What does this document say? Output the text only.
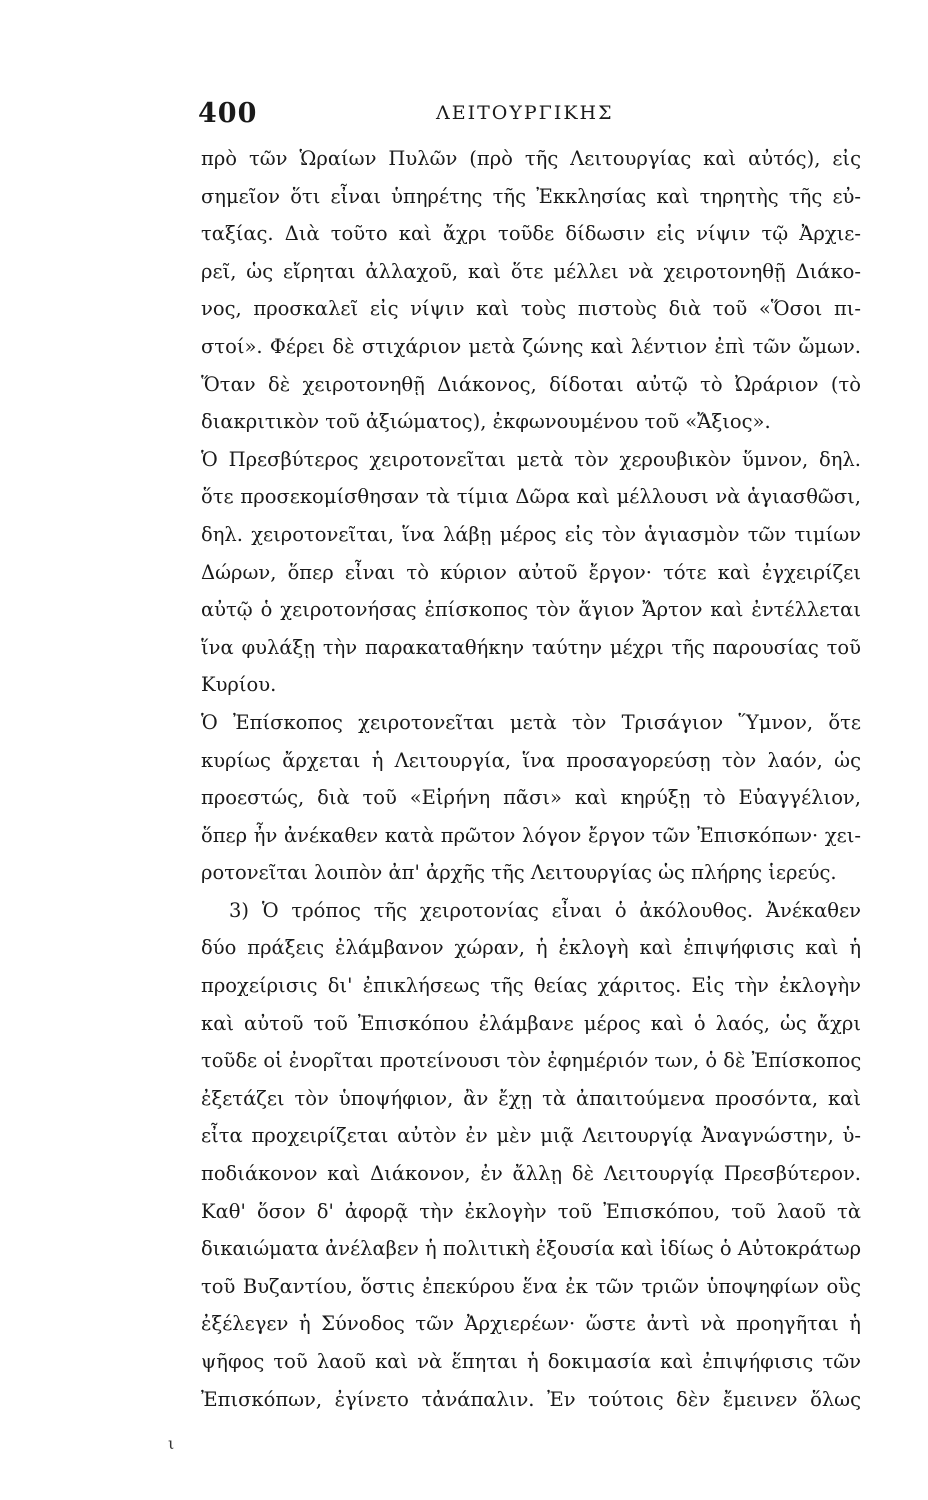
400	ΛΕΙΤΟΥΡΓΙΚΗΣ
πρὸ τῶν Ὡραίων Πυλῶν (πρὸ τῆς Λειτουργίας καὶ αὐτός), εἰς
σημεῖον ὅτι εἶναι ὑπηρέτης τῆς Ἐκκλησίας καὶ τηρητὴς τῆς εὐ-
ταξίας. Διὰ τοῦτο καὶ ἄχρι τοῦδε δίδωσιν εἰς νίψιν τῷ Ἀρχιε-
ρεῖ, ὡς εἴρηται ἀλλαχοῦ, καὶ ὅτε μέλλει νὰ χειροτονηθῇ Διάκο-
νος, προσκαλεῖ εἰς νίψιν καὶ τοὺς πιστοὺς διὰ τοῦ «Ὅσοι πι-
στοί». Φέρει δὲ στιχάριον μετὰ ζώνης καὶ λέντιον ἐπὶ τῶν ὤμων.
Ὅταν δὲ χειροτονηθῇ Διάκονος, δίδοται αὐτῷ τὸ Ὠράριον (τὸ
διακριτικὸν τοῦ ἀξιώματος), ἐκφωνουμένου τοῦ «Ἄξιος».
Ὁ Πρεσβύτερος χειροτονεῖται μετὰ τὸν χερουβικὸν ὕμνον, δηλ.
ὅτε προσεκομίσθησαν τὰ τίμια Δῶρα καὶ μέλλουσι νὰ ἁγιασθῶσι,
δηλ. χειροτονεῖται, ἵνα λάβῃ μέρος εἰς τὸν ἁγιασμὸν τῶν τιμίων
Δώρων, ὅπερ εἶναι τὸ κύριον αὐτοῦ ἔργον· τότε καὶ ἐγχειρίζει
αὐτῷ ὁ χειροτονήσας ἐπίσκοπος τὸν ἅγιον Ἄρτον καὶ ἐντέλλεται
ἵνα φυλάξῃ τὴν παρακαταθήκην ταύτην μέχρι τῆς παρουσίας τοῦ
Κυρίου.
Ὁ Ἐπίσκοπος χειροτονεῖται μετὰ τὸν Τρισάγιον Ὕμνον, ὅτε
κυρίως ἄρχεται ἡ Λειτουργία, ἵνα προσαγορεύσῃ τὸν λαόν, ὡς
προεστώς, διὰ τοῦ «Εἰρήνη πᾶσι» καὶ κηρύξῃ τὸ Εὐαγγέλιον,
ὅπερ ἦν ἀνέκαθεν κατὰ πρῶτον λόγον ἔργον τῶν Ἐπισκόπων· χει-
ροτονεῖται λοιπὸν ἀπ' ἀρχῆς τῆς Λειτουργίας ὡς πλήρης ἱερεύς.
3) Ὁ τρόπος τῆς χειροτονίας εἶναι ὁ ἀκόλουθος. Ἀνέκαθεν
δύο πράξεις ἐλάμβανον χώραν, ἡ ἐκλογὴ καὶ ἐπιψήφισις καὶ ἡ
προχείρισις δι' ἐπικλήσεως τῆς θείας χάριτος. Εἰς τὴν ἐκλογὴν
καὶ αὐτοῦ τοῦ Ἐπισκόπου ἐλάμβανε μέρος καὶ ὁ λαός, ὡς ἄχρι
τοῦδε οἱ ἐνορῖται προτείνουσι τὸν ἐφημέριόν των, ὁ δὲ Ἐπίσκοπος
ἐξετάζει τὸν ὑποψήφιον, ἂν ἔχῃ τὰ ἀπαιτούμενα προσόντα, καὶ
εἶτα προχειρίζεται αὐτὸν ἐν μὲν μιᾷ Λειτουργίᾳ Ἀναγνώστην, ὑ-
ποδιάκονον καὶ Διάκονον, ἐν ἄλλῃ δὲ Λειτουργίᾳ Πρεσβύτερον.
Καθ' ὅσον δ' ἀφορᾷ τὴν ἐκλογὴν τοῦ Ἐπισκόπου, τοῦ λαοῦ τὰ
δικαιώματα ἀνέλαβεν ἡ πολιτικὴ ἐξουσία καὶ ἰδίως ὁ Αὐτοκράτωρ
τοῦ Βυζαντίου, ὅστις ἐπεκύρου ἕνα ἐκ τῶν τριῶν ὑποψηφίων οὓς
ἐξέλεγεν ἡ Σύνοδος τῶν Ἀρχιερέων· ὥστε ἀντὶ νὰ προηγῆται ἡ
ψῆφος τοῦ λαοῦ καὶ νὰ ἕπηται ἡ δοκιμασία καὶ ἐπιψήφισις τῶν
Ἐπισκόπων, ἐγίνετο τἀνάπαλιν. Ἐν τούτοις δὲν ἔμεινεν ὅλως
ι
